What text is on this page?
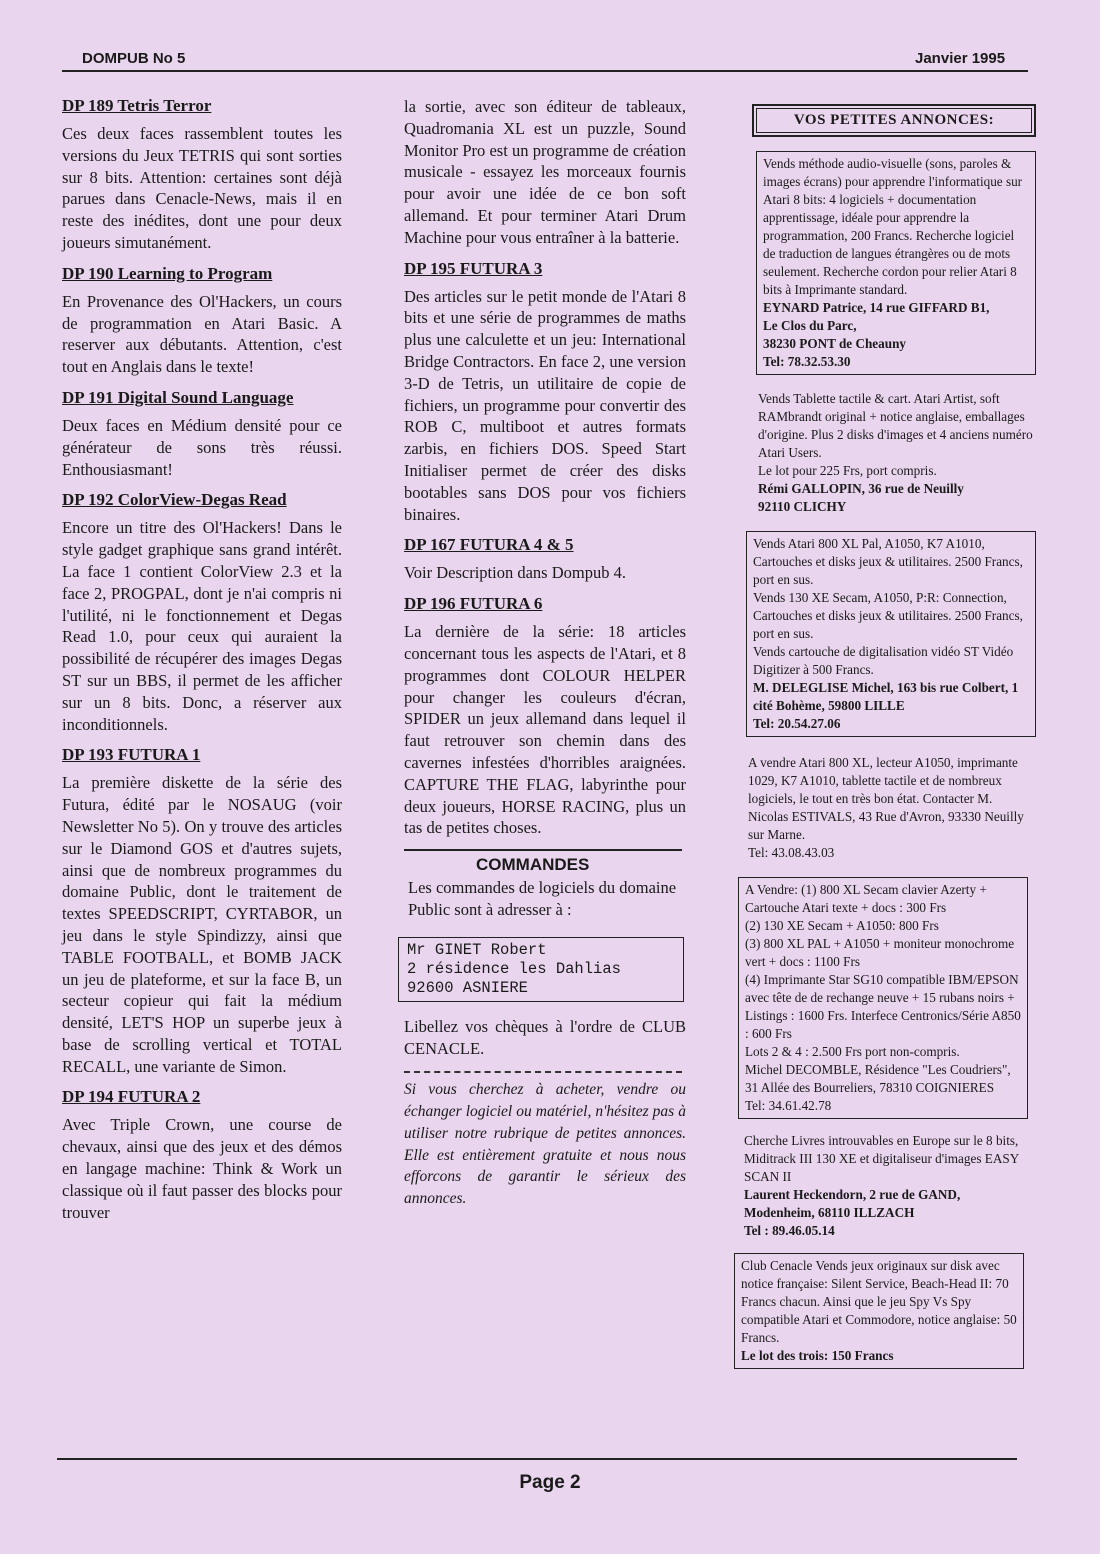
DOMPUB No 5	Janvier 1995
DP 189 Tetris Terror

Ces deux faces rassemblent toutes les versions du Jeux TETRIS qui sont sorties sur 8 bits. Attention: certaines sont déjà parues dans Cenacle-News, mais il en reste des inédites, dont une pour deux joueurs simutanément.

DP 190 Learning to Program

En Provenance des Ol'Hackers, un cours de programmation en Atari Basic. A reserver aux débutants. Attention, c'est tout en Anglais dans le texte!

DP 191 Digital Sound Language

Deux faces en Médium densité pour ce générateur de sons très réussi. Enthousiasmant!

DP 192 ColorView-Degas Read

Encore un titre des Ol'Hackers! Dans le style gadget graphique sans grand intérêt. La face 1 contient ColorView 2.3 et la face 2, PROGPAL, dont je n'ai compris ni l'utilité, ni le fonctionnement et Degas Read 1.0, pour ceux qui auraient la possibilité de récupérer des images Degas ST sur un BBS, il permet de les afficher sur un 8 bits. Donc, a réserver aux inconditionnels.

DP 193 FUTURA 1

La première diskette de la série des Futura, édité par le NOSAUG (voir Newsletter No 5). On y trouve des articles sur le Diamond GOS et d'autres sujets, ainsi que de nombreux programmes du domaine Public, dont le traitement de textes SPEEDSCRIPT, CYRTABOR, un jeu dans le style Spindizzy, ainsi que TABLE FOOTBALL, et BOMB JACK un jeu de plateforme, et sur la face B, un secteur copieur qui fait la médium densité, LET'S HOP un superbe jeux à base de scrolling vertical et TOTAL RECALL, une variante de Simon.

DP 194 FUTURA 2

Avec Triple Crown, une course de chevaux, ainsi que des jeux et des démos en langage machine: Think & Work un classique où il faut passer des blocks pour trouver

la sortie, avec son éditeur de tableaux, Quadromania XL est un puzzle, Sound Monitor Pro est un programme de création musicale - essayez les morceaux fournis pour avoir une idée de ce bon soft allemand. Et pour terminer Atari Drum Machine pour vous entraîner à la batterie.

DP 195 FUTURA 3

Des articles sur le petit monde de l'Atari 8 bits et une série de programmes de maths plus une calculette et un jeu: International Bridge Contractors. En face 2, une version 3-D de Tetris, un utilitaire de copie de fichiers, un programme pour convertir des ROB C, multiboot et autres formats zarbis, en fichiers DOS. Speed Start Initialiser permet de créer des disks bootables sans DOS pour vos fichiers binaires.

DP 167 FUTURA 4 & 5

Voir Description dans Dompub 4.

DP 196 FUTURA 6

La dernière de la série: 18 articles concernant tous les aspects de l'Atari, et 8 programmes dont COLOUR HELPER pour changer les couleurs d'écran, SPIDER un jeux allemand dans lequel il faut retrouver son chemin dans des cavernes infestées d'horribles araignées. CAPTURE THE FLAG, labyrinthe pour deux joueurs, HORSE RACING, plus un tas de petites choses.

COMMANDES

Les commandes de logiciels du domaine Public sont à adresser à :

Mr GINET Robert
2 résidence les Dahlias
92600 ASNIERE

Libellez vos chèques à l'ordre de CLUB CENACLE.

Si vous cherchez à acheter, vendre ou échanger logiciel ou matériel, n'hésitez pas à utiliser notre rubrique de petites annonces. Elle est entièrement gratuite et nous nous efforcons de garantir le sérieux des annonces.

VOS PETITES ANNONCES:
Vends méthode audio-visuelle (sons, paroles & images écrans) pour apprendre l'informatique sur Atari 8 bits: 4 logiciels + documentation apprentissage, idéale pour apprendre la programmation, 200 Francs. Recherche logiciel de traduction de langues étrangères ou de mots seulement. Recherche cordon pour relier Atari 8 bits à Imprimante standard.
EYNARD Patrice, 14 rue GIFFARD B1,
Le Clos du Parc,
38230 PONT de Cheauny
Tel: 78.32.53.30
Vends Tablette tactile & cart. Atari Artist, soft RAMbrandt original + notice anglaise, emballages d'origine. Plus 2 disks d'images et 4 anciens numéro Atari Users.
Le lot pour 225 Frs, port compris.
Rémi GALLOPIN, 36 rue de Neuilly
92110 CLICHY
Vends Atari 800 XL Pal, A1050, K7 A1010, Cartouches et disks jeux & utilitaires. 2500 Francs, port en sus.
Vends 130 XE Secam, A1050, P:R: Connection, Cartouches et disks jeux & utilitaires. 2500 Francs, port en sus.
Vends cartouche de digitalisation vidéo ST Vidéo Digitizer à 500 Francs.
M. DELEGLISE Michel, 163 bis rue Colbert, 1 cité Bohème, 59800 LILLE
Tel: 20.54.27.06
A vendre Atari 800 XL, lecteur A1050, imprimante 1029, K7 A1010, tablette tactile et de nombreux logiciels, le tout en très bon état. Contacter M. Nicolas ESTIVALS, 43 Rue d'Avron, 93330 Neuilly sur Marne.
Tel: 43.08.43.03
A Vendre: (1) 800 XL Secam clavier Azerty + Cartouche Atari texte + docs : 300 Frs
(2) 130 XE Secam + A1050: 800 Frs
(3) 800 XL PAL + A1050 + moniteur monochrome vert + docs : 1100 Frs
(4) Imprimante Star SG10 compatible IBM/EPSON avec tête de de rechange neuve + 15 rubans noirs + Listings : 1600 Frs. Interfece Centronics/Série A850 : 600 Frs
Lots 2 & 4 : 2.500 Frs port non-compris.
Michel DECOMBLE, Résidence "Les Coudriers", 31 Allée des Bourreliers, 78310 COIGNIERES
Tel: 34.61.42.78
Cherche Livres introuvables en Europe sur le 8 bits, Miditrack III 130 XE et digitaliseur d'images EASY SCAN II
Laurent Heckendorn, 2 rue de GAND, Modenheim, 68110 ILLZACH
Tel : 89.46.05.14
Club Cenacle Vends jeux originaux sur disk avec notice française: Silent Service, Beach-Head II: 70 Francs chacun. Ainsi que le jeu Spy Vs Spy compatible Atari et Commodore, notice anglaise: 50 Francs.
Le lot des trois: 150 Francs
Page 2
